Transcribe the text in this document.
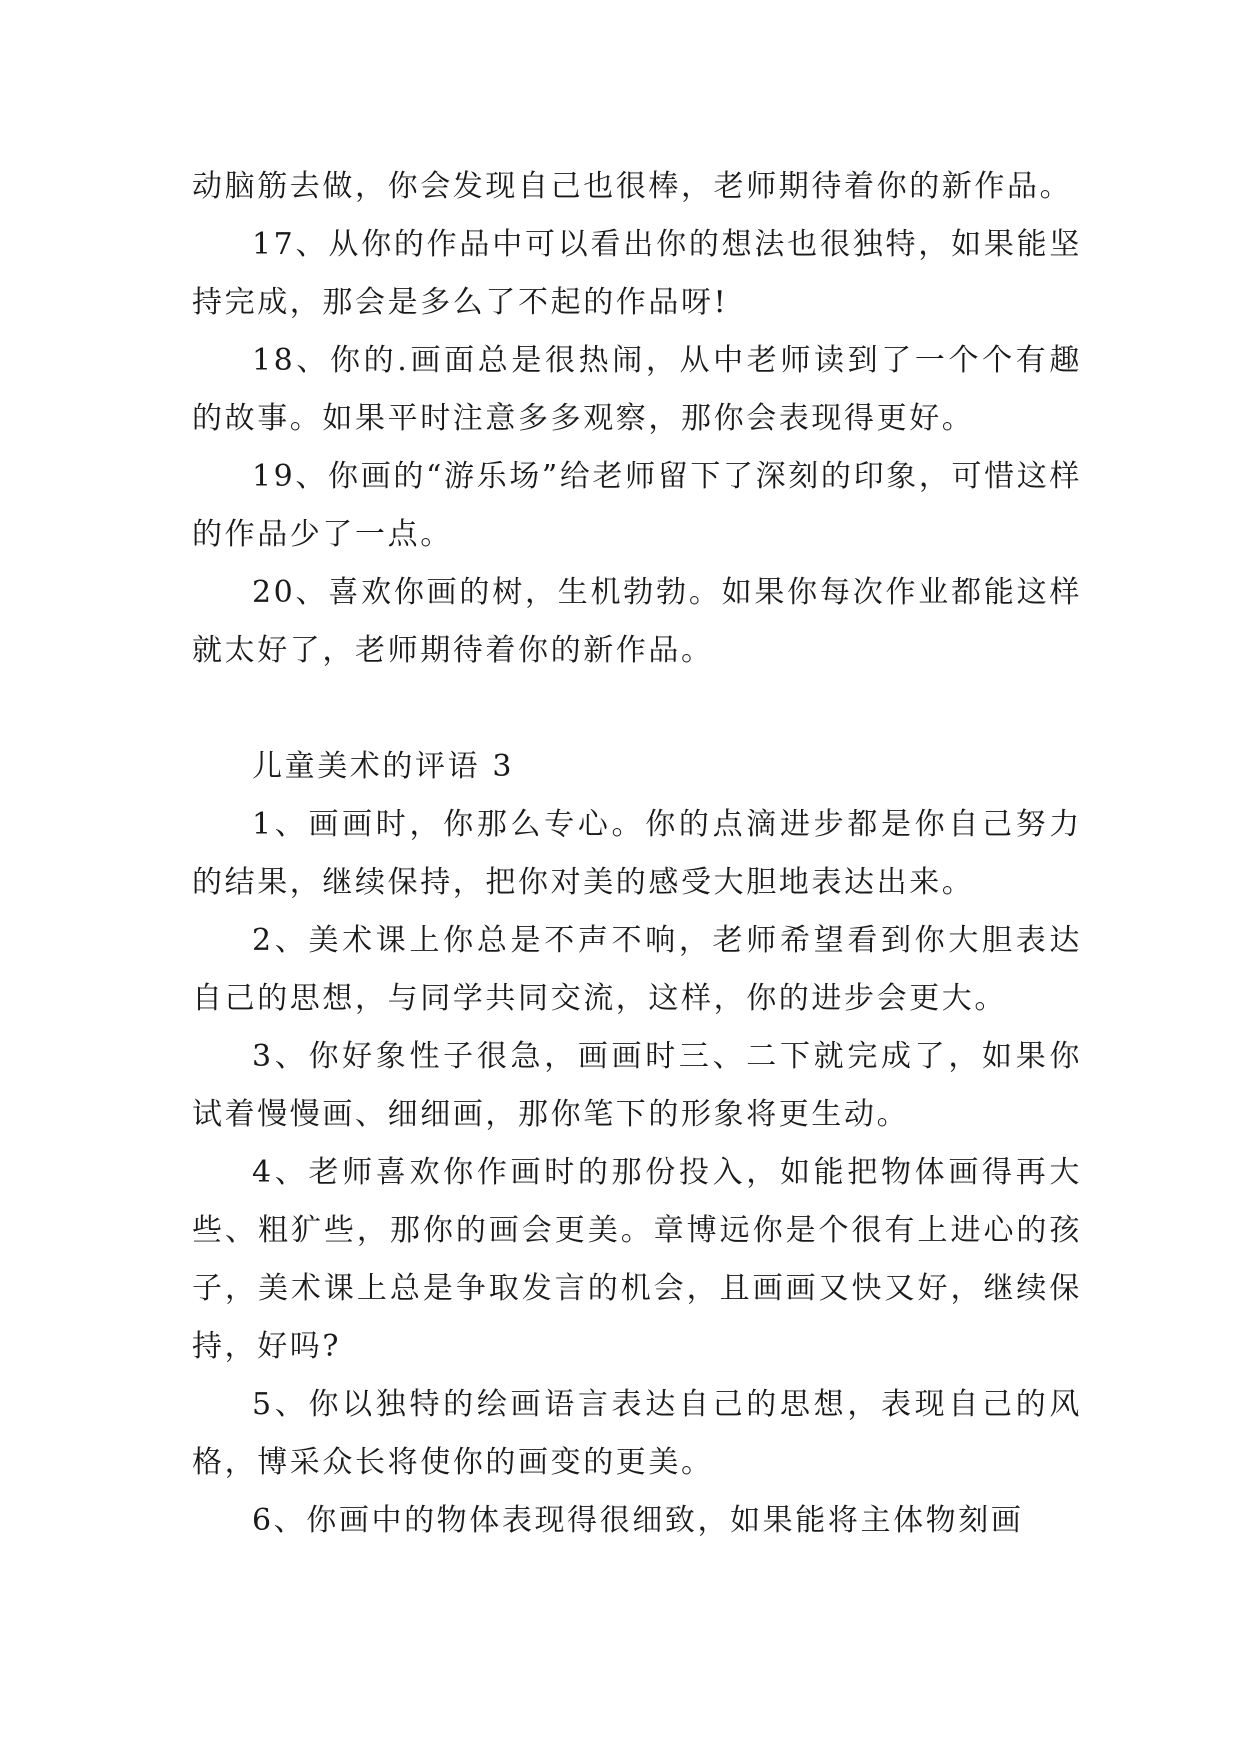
动脑筋去做，你会发现自己也很棒，老师期待着你的新作品。

17、从你的作品中可以看出你的想法也很独特，如果能坚持完成，那会是多么了不起的作品呀!

18、你的.画面总是很热闹，从中老师读到了一个个有趣的故事。如果平时注意多多观察，那你会表现得更好。

19、你画的“游乐场”给老师留下了深刻的印象，可惜这样的作品少了一点。

20、喜欢你画的树，生机勃勃。如果你每次作业都能这样就太好了，老师期待着你的新作品。

儿童美术的评语 3

1、画画时，你那么专心。你的点滴进步都是你自己努力的结果，继续保持，把你对美的感受大胆地表达出来。

2、美术课上你总是不声不响，老师希望看到你大胆表达自己的思想，与同学共同交流，这样，你的进步会更大。

3、你好象性子很急，画画时三、二下就完成了，如果你试着慢慢画、细细画，那你笔下的形象将更生动。

4、老师喜欢你作画时的那份投入，如能把物体画得再大些、粗犷些，那你的画会更美。章博远你是个很有上进心的孩子，美术课上总是争取发言的机会，且画画又快又好，继续保持，好吗?

5、你以独特的绘画语言表达自己的思想，表现自己的风格，博采众长将使你的画变的更美。

6、你画中的物体表现得很细致，如果能将主体物刻画
